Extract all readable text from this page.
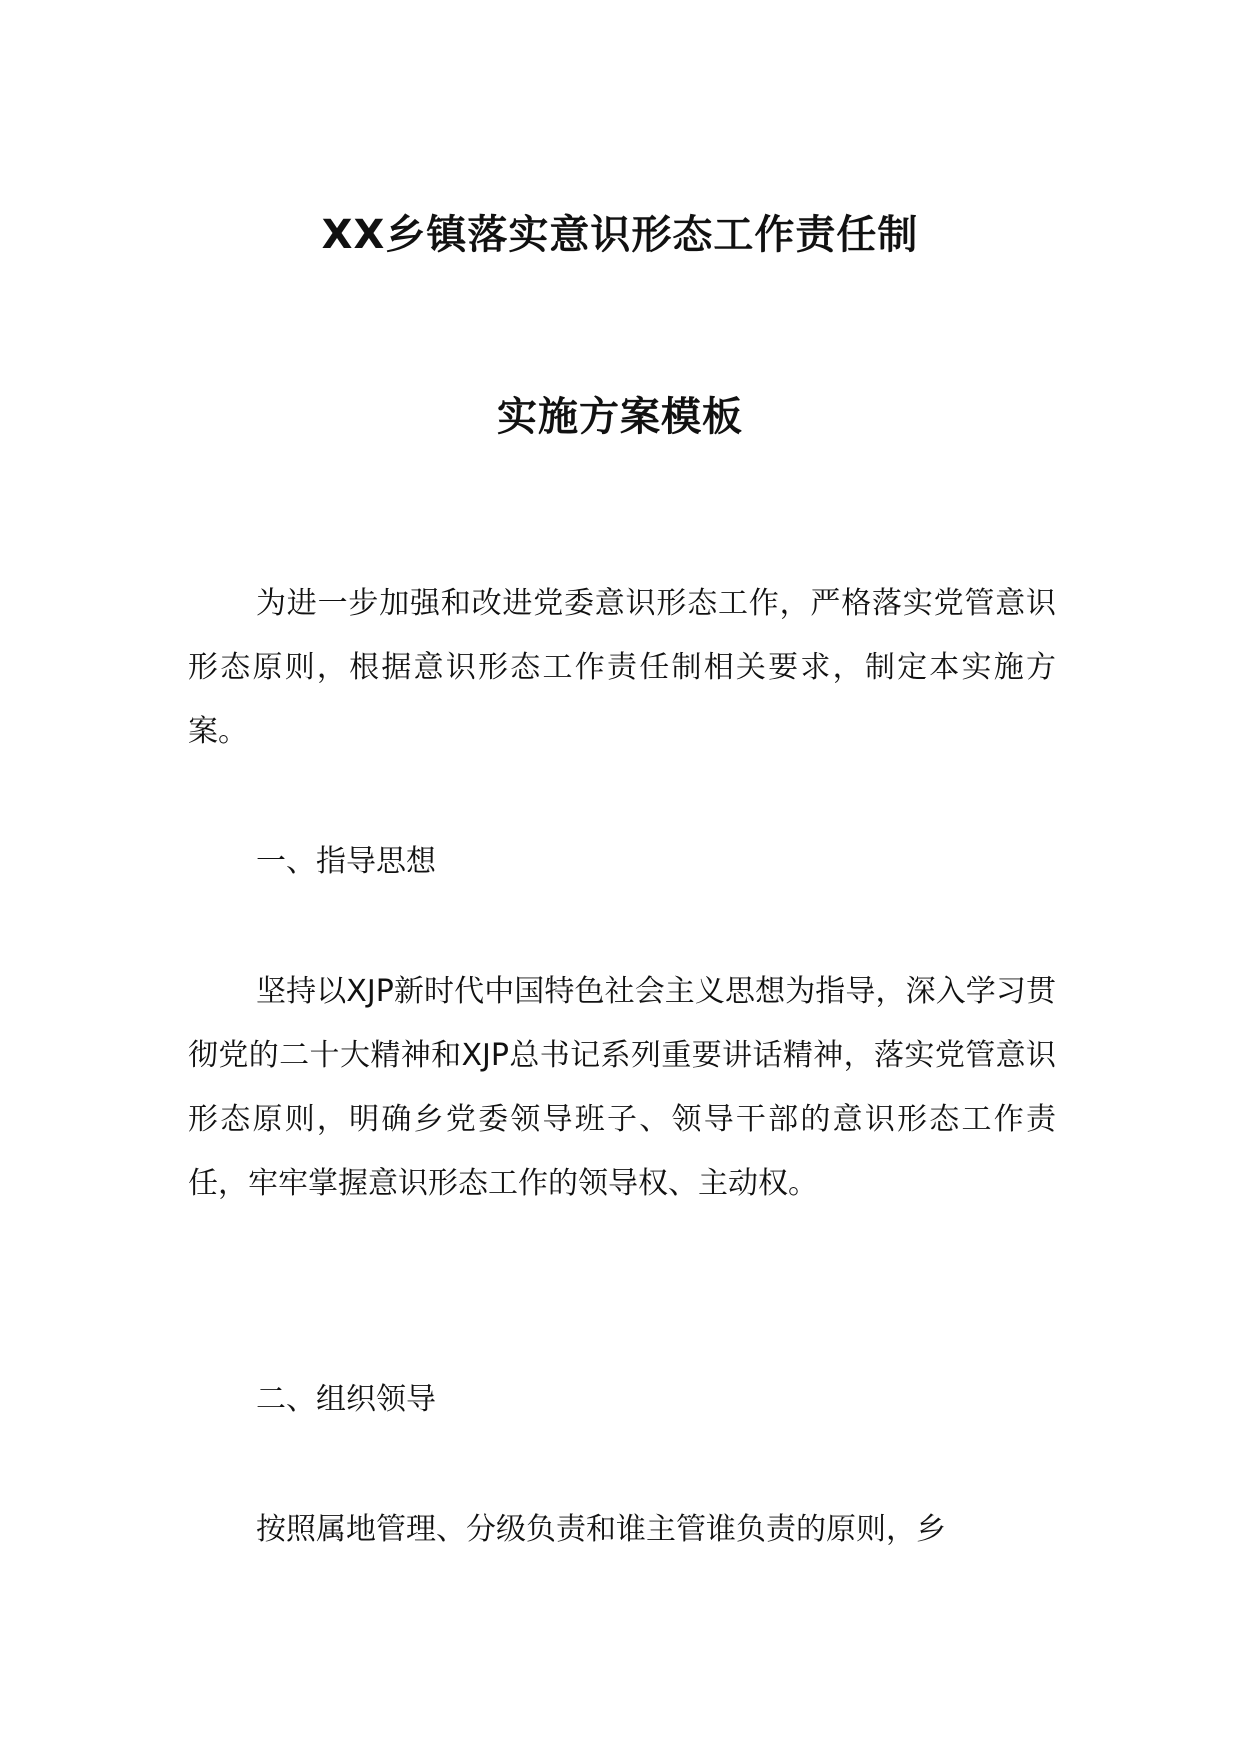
XX乡镇落实意识形态工作责任制
实施方案模板

为进一步加强和改进党委意识形态工作，严格落实党管意识形态原则，根据意识形态工作责任制相关要求，制定本实施方案。

一、指导思想

坚持以XJP新时代中国特色社会主义思想为指导，深入学习贯彻党的二十大精神和XJP总书记系列重要讲话精神，落实党管意识形态原则，明确乡党委领导班子、领导干部的意识形态工作责任，牢牢掌握意识形态工作的领导权、主动权。

二、组织领导

按照属地管理、分级负责和谁主管谁负责的原则，乡
